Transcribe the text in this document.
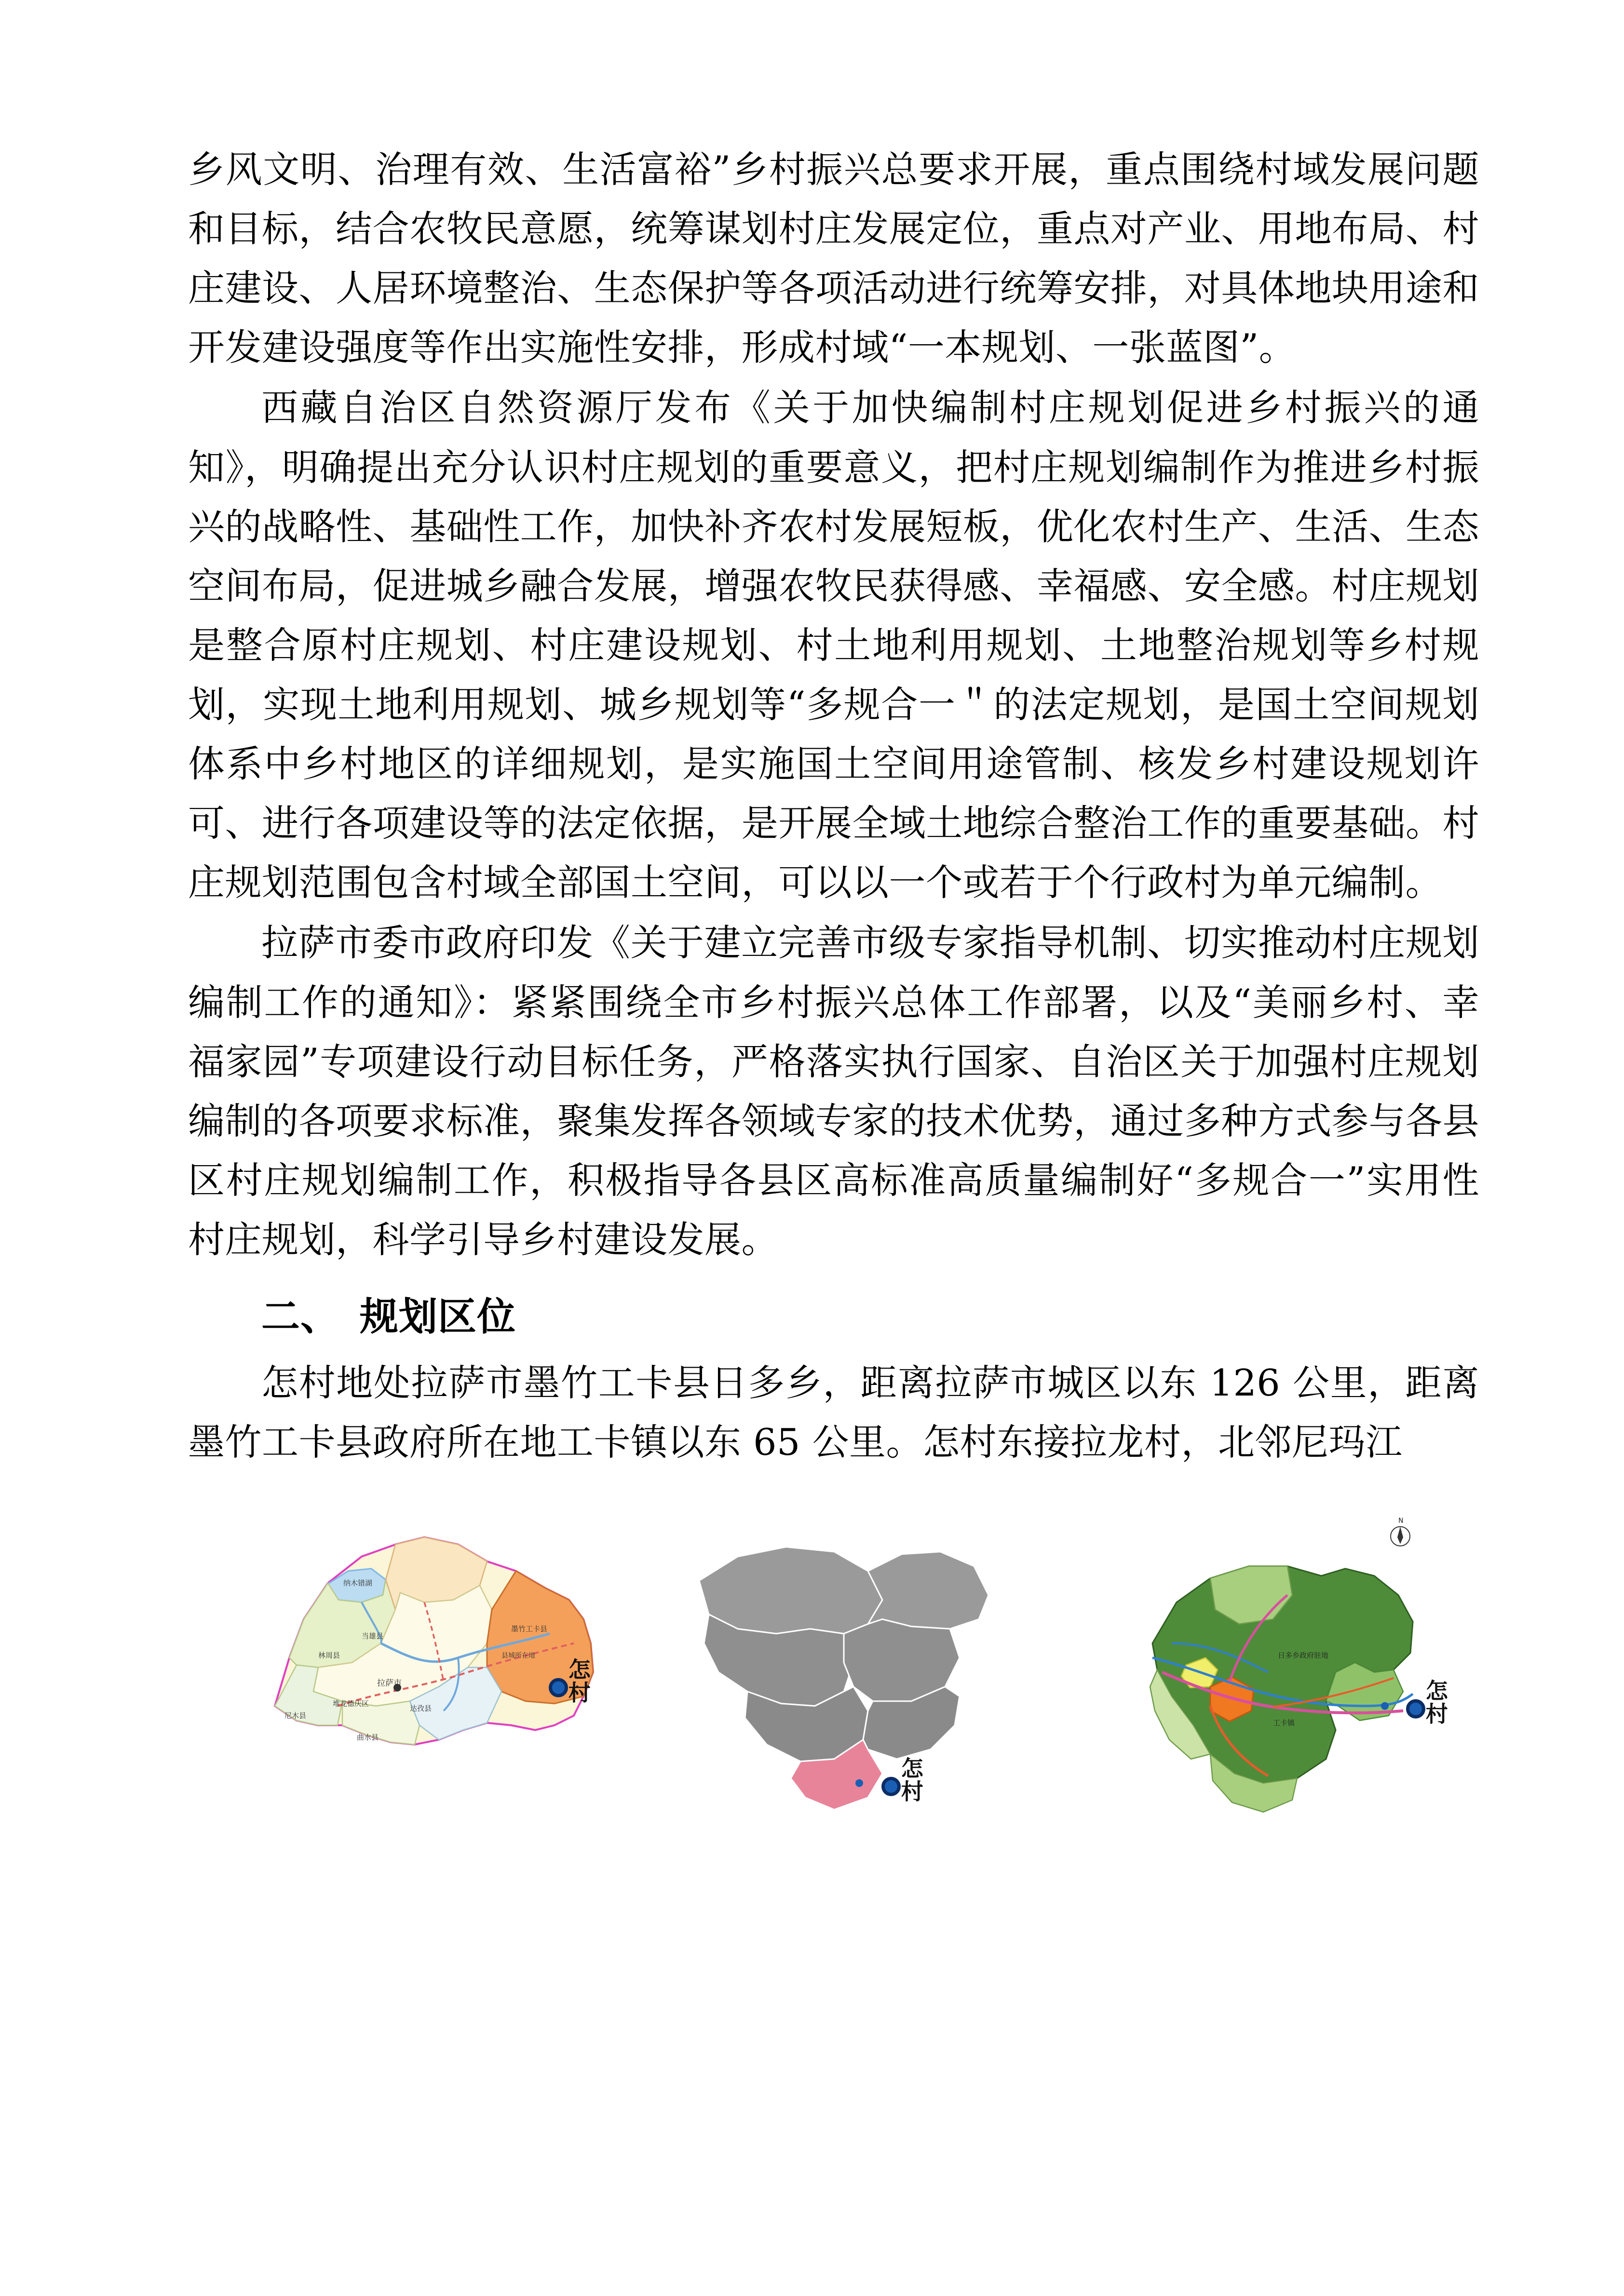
乡风文明、治理有效、生活富裕”乡村振兴总要求开展，重点围绕村域发展问题和目标，结合农牧民意愿，统筹谋划村庄发展定位，重点对产业、用地布局、村庄建设、人居环境整治、生态保护等各项活动进行统筹安排，对具体地块用途和开发建设强度等作出实施性安排，形成村域“一本规划、一张蓝图”。

西藏自治区自然资源厅发布《关于加快编制村庄规划促进乡村振兴的通知》，明确提出充分认识村庄规划的重要意义，把村庄规划编制作为推进乡村振兴的战略性、基础性工作，加快补齐农村发展短板，优化农村生产、生活、生态空间布局，促进城乡融合发展，增强农牧民获得感、幸福感、安全感。村庄规划是整合原村庄规划、村庄建设规划、村土地利用规划、土地整治规划等乡村规划，实现土地利用规划、城乡规划等“多规合一＂的法定规划，是国土空间规划体系中乡村地区的详细规划，是实施国土空间用途管制、核发乡村建设规划许可、进行各项建设等的法定依据，是开展全域土地综合整治工作的重要基础。村庄规划范围包含村域全部国土空间，可以以一个或若于个行政村为单元编制。

拉萨市委市政府印发《关于建立完善市级专家指导机制、切实推动村庄规划编制工作的通知》：紧紧围绕全市乡村振兴总体工作部署，以及“美丽乡村、幸福家园”专项建设行动目标任务，严格落实执行国家、自治区关于加强村庄规划编制的各项要求标准，聚集发挥各领域专家的技术优势，通过多种方式参与各县区村庄规划编制工作，积极指导各县区高标准高质量编制好“多规合一”实用性村庄规划，科学引导乡村建设发展。

二、 规划区位

怎村地处拉萨市墨竹工卡县日多乡，距离拉萨市城区以东 126 公里，距离墨竹工卡县政府所在地工卡镇以东 65 公里。怎村东接拉龙村，北邻尼玛江

纳木错湖
当雄县
林周县
拉萨市
堆龙德庆区
达孜县
墨竹工卡县
县城所在地
尼木县
曲水县
怎村
怎村
N
日多乡政府驻地
工卡镇	怎村
